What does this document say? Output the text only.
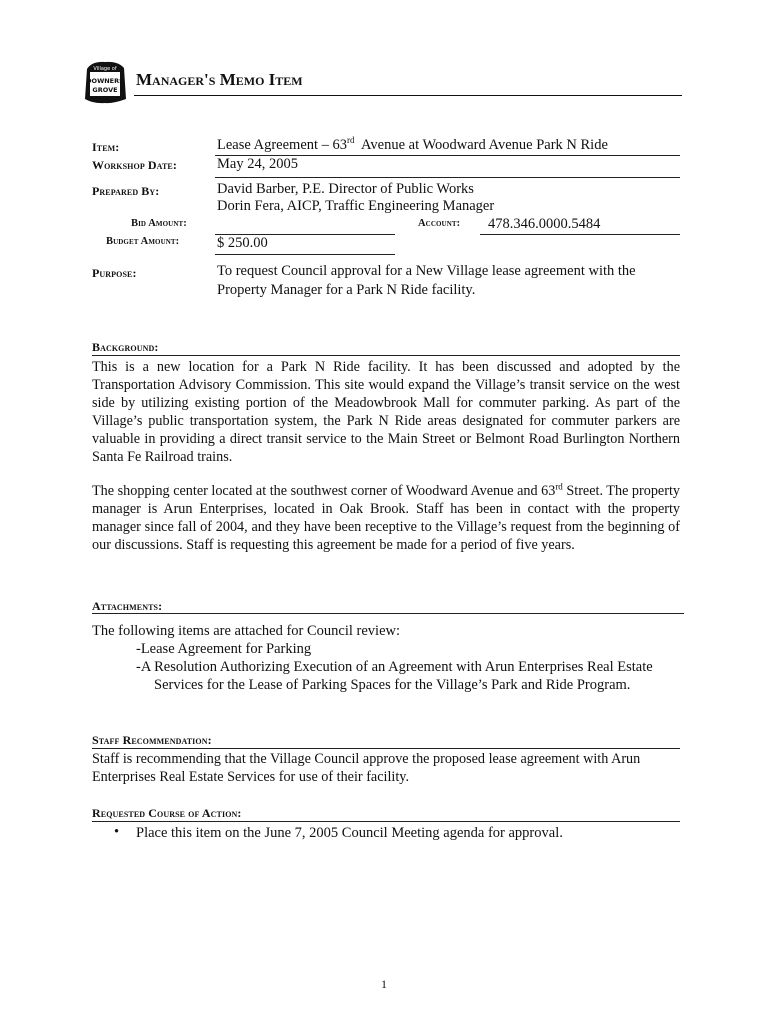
Village of
DOWNERS
GROVE
Manager's Memo Item
Item:	Lease Agreement – 63rd  Avenue at Woodward Avenue Park N Ride
Workshop Date:	May 24, 2005
Prepared By:	David Barber, P.E. Director of Public Works
Dorin Fera, AICP, Traffic Engineering Manager
Bid Amount:	Account: 478.346.0000.5484
Budget Amount:	$ 250.00
Purpose:	To request Council approval for a New Village lease agreement with the
Property Manager for a Park N Ride facility.
Background:
This is a new location for a Park N Ride facility. It has been discussed and adopted by the Transportation Advisory Commission. This site would expand the Village’s transit service on the west side by utilizing existing portion of the Meadowbrook Mall for commuter parking. As part of the Village’s public transportation system, the Park N Ride areas designated for commuter parkers are valuable in providing a direct transit service to the Main Street or Belmont Road Burlington Northern Santa Fe Railroad trains.
The shopping center located at the southwest corner of Woodward Avenue and 63rd Street. The property manager is Arun Enterprises, located in Oak Brook. Staff has been in contact with the property manager since fall of 2004, and they have been receptive to the Village’s request from the beginning of our discussions. Staff is requesting this agreement be made for a period of five years.
Attachments:
The following items are attached for Council review:
-Lease Agreement for Parking
-A Resolution Authorizing Execution of an Agreement with Arun Enterprises Real Estate
Services for the Lease of Parking Spaces for the Village’s Park and Ride Program.
Staff Recommendation:
Staff is recommending that the Village Council approve the proposed lease agreement with Arun Enterprises Real Estate Services for use of their facility.
Requested Course of Action:
• Place this item on the June 7, 2005 Council Meeting agenda for approval.
1
